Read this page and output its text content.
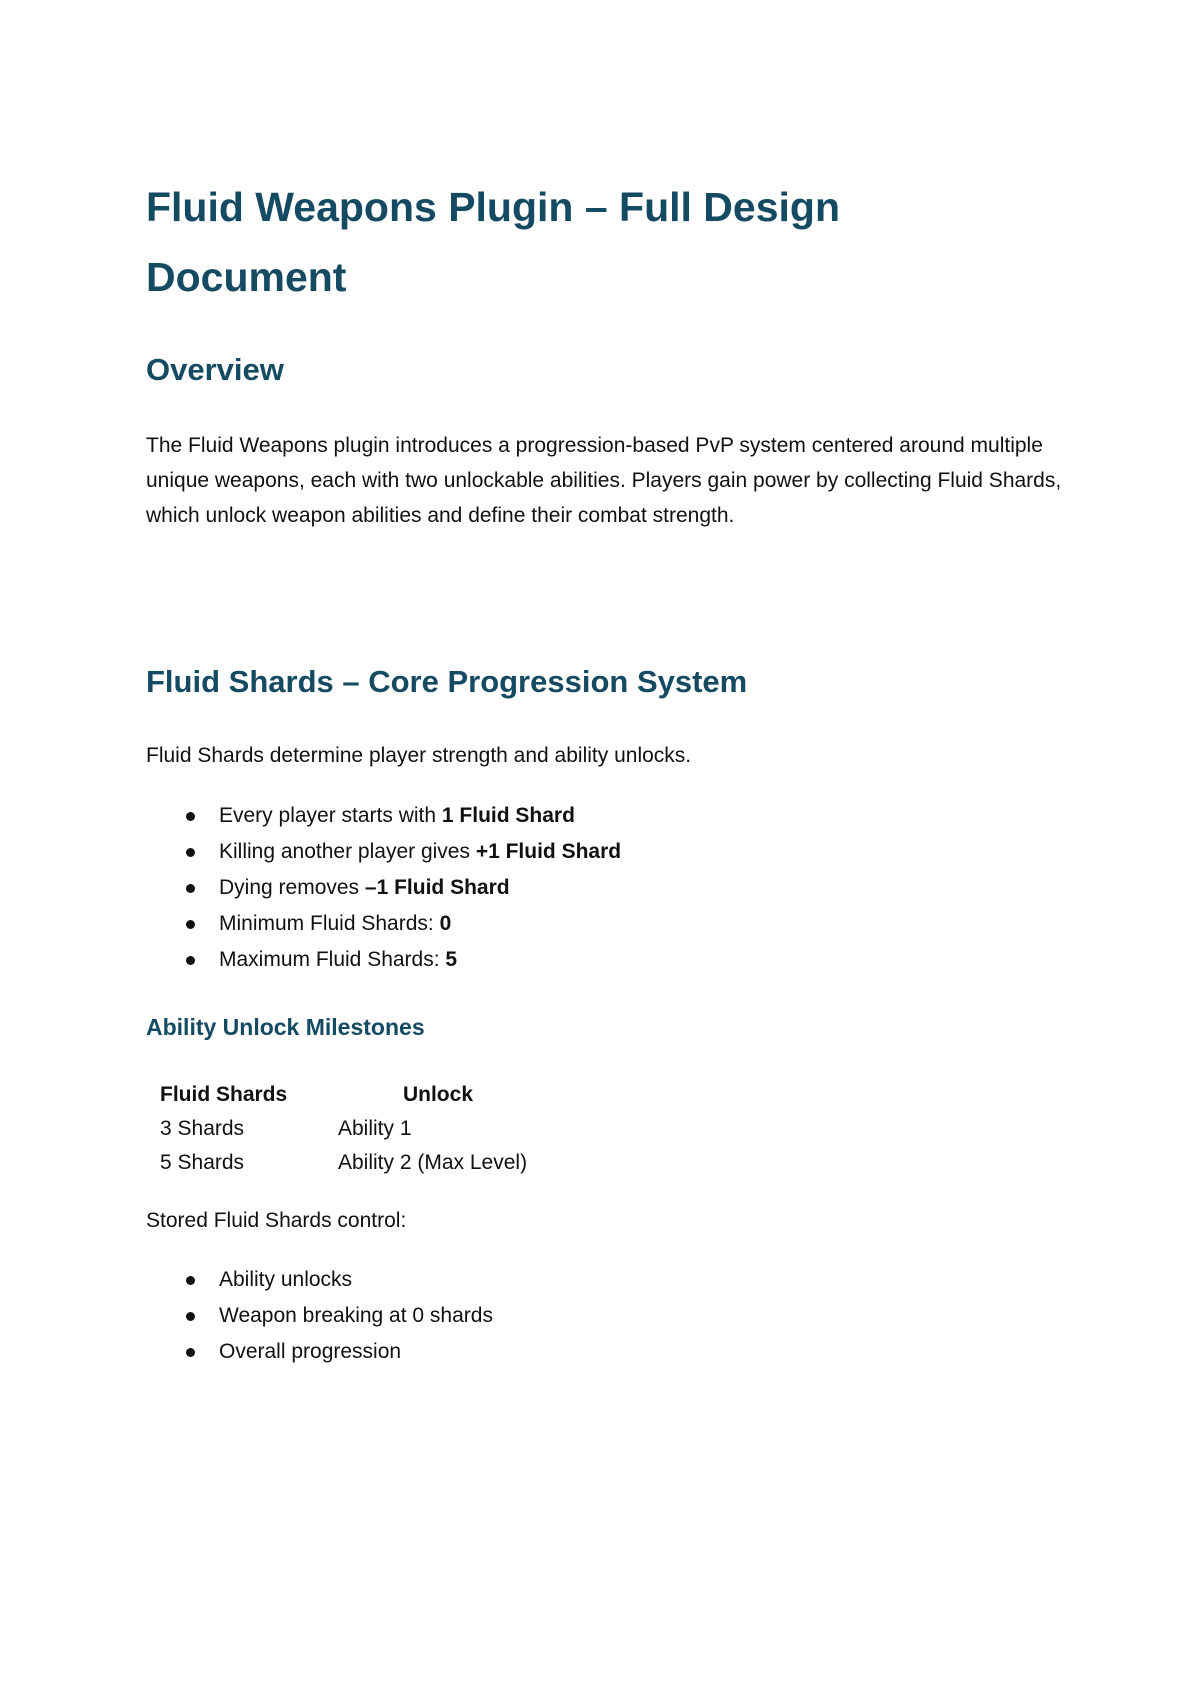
Fluid Weapons Plugin – Full Design Document
Overview

The Fluid Weapons plugin introduces a progression-based PvP system centered around multiple unique weapons, each with two unlockable abilities. Players gain power by collecting Fluid Shards, which unlock weapon abilities and define their combat strength.

Fluid Shards – Core Progression System

Fluid Shards determine player strength and ability unlocks.

Every player starts with 1 Fluid Shard
Killing another player gives +1 Fluid Shard
Dying removes –1 Fluid Shard
Minimum Fluid Shards: 0
Maximum Fluid Shards: 5
Ability Unlock Milestones
Fluid Shards	Unlock
3 Shards	Ability 1
5 Shards	Ability 2 (Max Level)

Stored Fluid Shards control:

Ability unlocks
Weapon breaking at 0 shards
Overall progression
